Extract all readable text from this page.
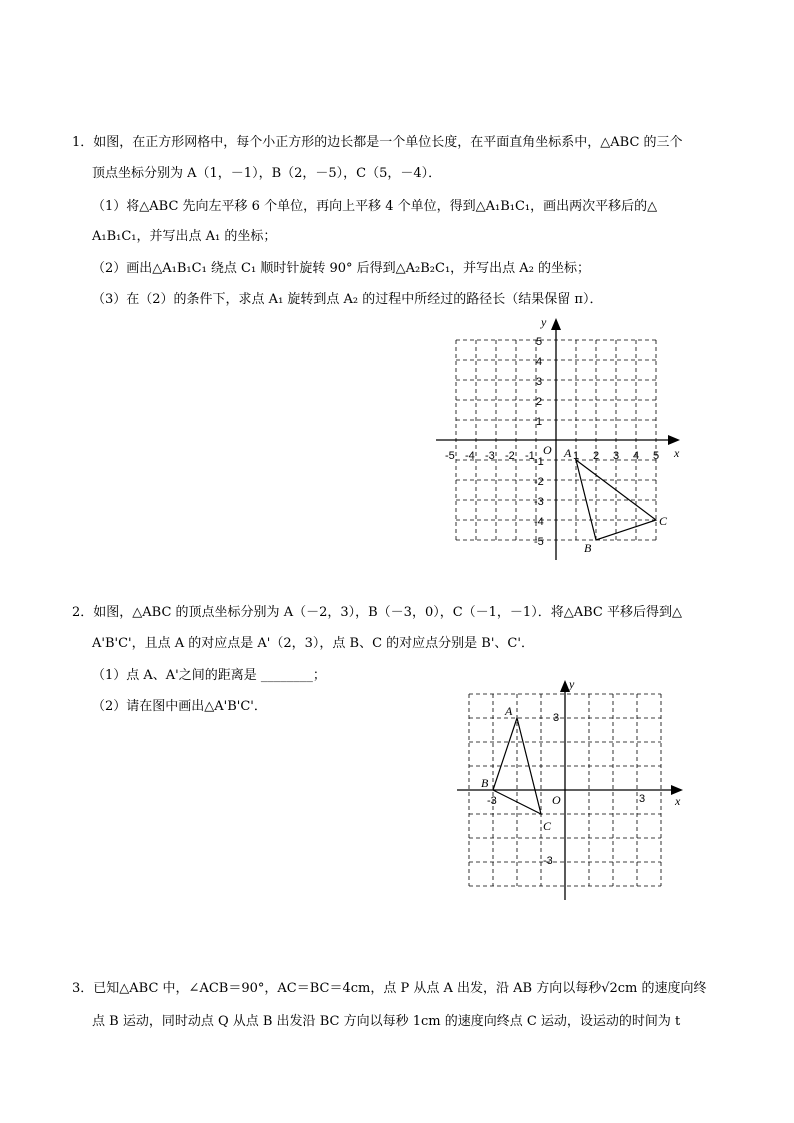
1．如图，在正方形网格中，每个小正方形的边长都是一个单位长度，在平面直角坐标系中，△ABC 的三个
顶点坐标分别为 A（1，－1），B（2，－5），C（5，－4）．
（1）将△ABC 先向左平移 6 个单位，再向上平移 4 个单位，得到△A₁B₁C₁，画出两次平移后的△
A₁B₁C₁，并写出点 A₁ 的坐标；
（2）画出△A₁B₁C₁ 绕点 C₁ 顺时针旋转 90° 后得到△A₂B₂C₁，并写出点 A₂ 的坐标；
（3）在（2）的条件下，求点 A₁ 旋转到点 A₂ 的过程中所经过的路径长（结果保留 π）．
x
y
O
-5 -4 -3 -2 -1	1 2 3 4 5
5
4
3
2
1
-1
-2
-3
-4
-5
A
B
C
2．如图，△ABC 的顶点坐标分别为 A（－2，3），B（－3，0），C（－1，－1）．将△ABC 平移后得到△
A'B'C'，且点 A 的对应点是 A'（2，3），点 B、C 的对应点分别是 B'、C'．
（1）点 A、A'之间的距离是 ________；
（2）请在图中画出△A'B'C'．
x
y
O	3
-3
3
-3
A
B
C
3．已知△ABC 中，∠ACB＝90°，AC＝BC＝4cm，点 P 从点 A 出发，沿 AB 方向以每秒√2cm 的速度向终
点 B 运动，同时动点 Q 从点 B 出发沿 BC 方向以每秒 1cm 的速度向终点 C 运动，设运动的时间为 t
